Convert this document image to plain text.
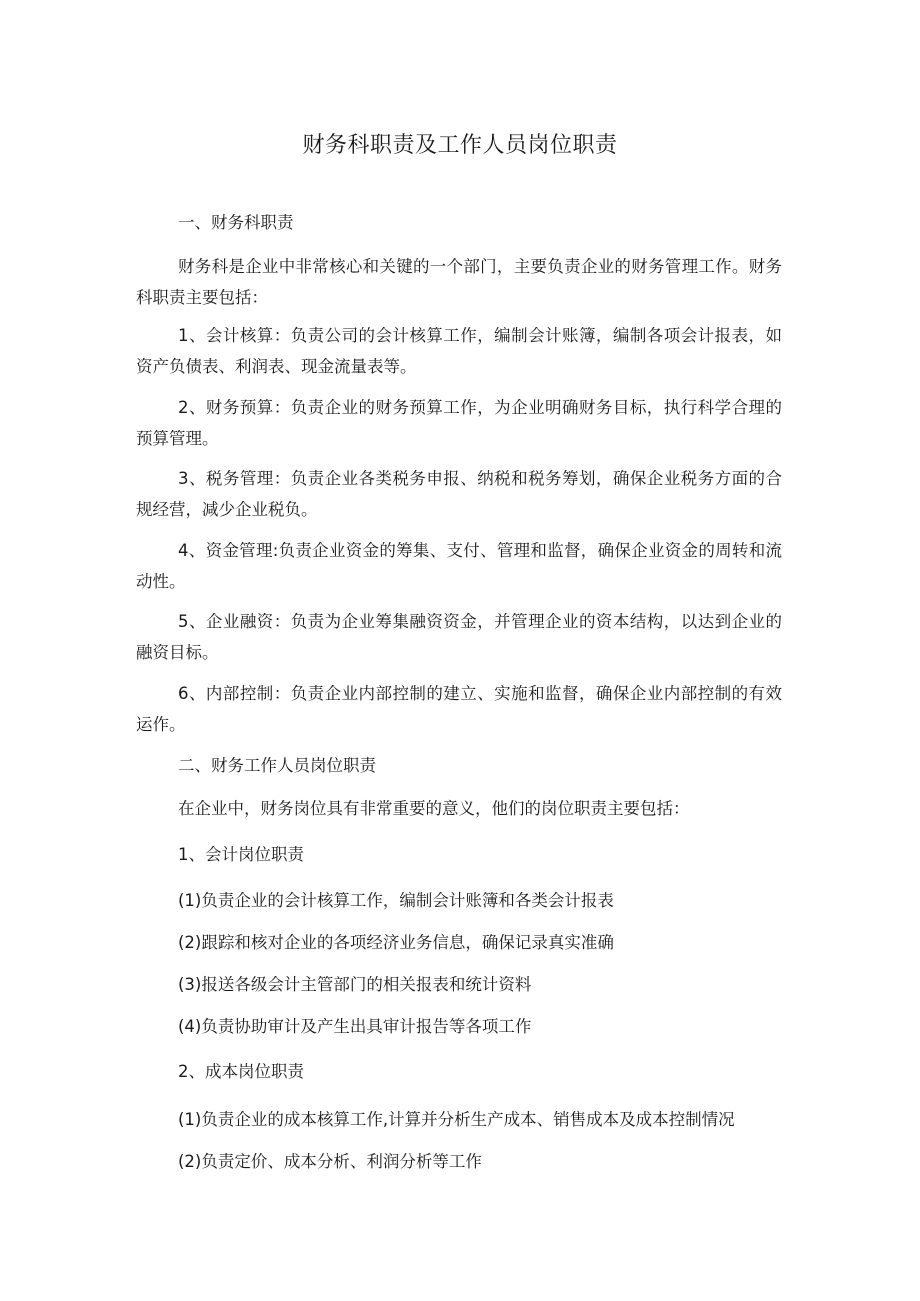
财务科职责及工作人员岗位职责

一、财务科职责

财务科是企业中非常核心和关键的一个部门，主要负责企业的财务管理工作。财务科职责主要包括：

1、会计核算：负责公司的会计核算工作，编制会计账簿，编制各项会计报表，如资产负债表、利润表、现金流量表等。

2、财务预算：负责企业的财务预算工作，为企业明确财务目标，执行科学合理的预算管理。

3、税务管理：负责企业各类税务申报、纳税和税务筹划，确保企业税务方面的合规经营，减少企业税负。

4、资金管理:负责企业资金的筹集、支付、管理和监督，确保企业资金的周转和流动性。

5、企业融资：负责为企业筹集融资资金，并管理企业的资本结构，以达到企业的融资目标。

6、内部控制：负责企业内部控制的建立、实施和监督，确保企业内部控制的有效运作。

二、财务工作人员岗位职责

在企业中，财务岗位具有非常重要的意义，他们的岗位职责主要包括：

1、会计岗位职责

(1)负责企业的会计核算工作，编制会计账簿和各类会计报表

(2)跟踪和核对企业的各项经济业务信息，确保记录真实准确

(3)报送各级会计主管部门的相关报表和统计资料

(4)负责协助审计及产生出具审计报告等各项工作

2、成本岗位职责

(1)负责企业的成本核算工作,计算并分析生产成本、销售成本及成本控制情况

(2)负责定价、成本分析、利润分析等工作
